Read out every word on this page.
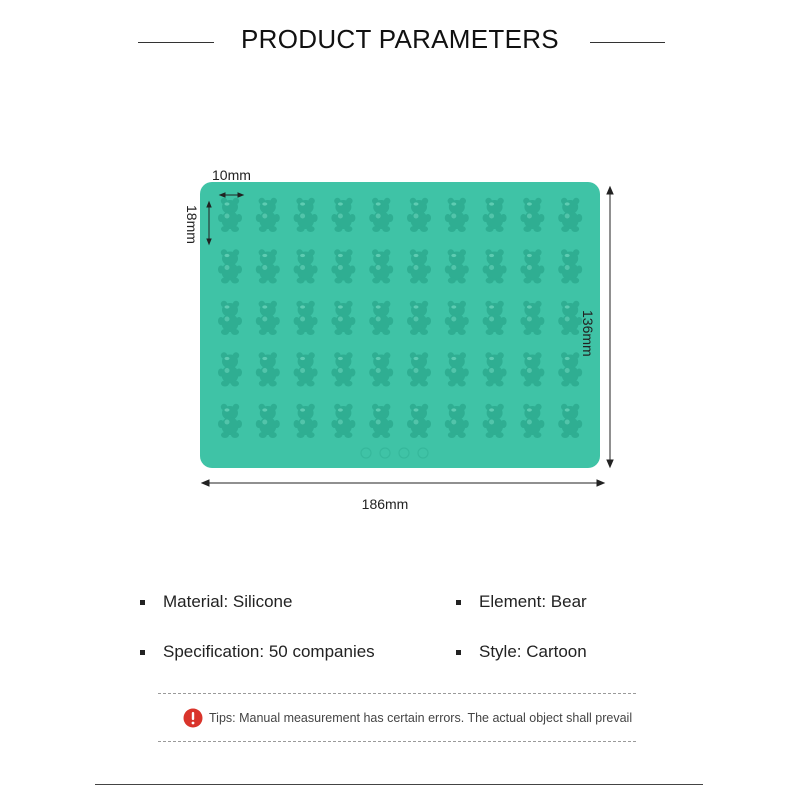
PRODUCT PARAMETERS
10mm
18mm
136mm
186mm
Material: Silicone	Element: Bear
Specification: 50 companies	Style: Cartoon
Tips: Manual measurement has certain errors. The actual object shall prevail
